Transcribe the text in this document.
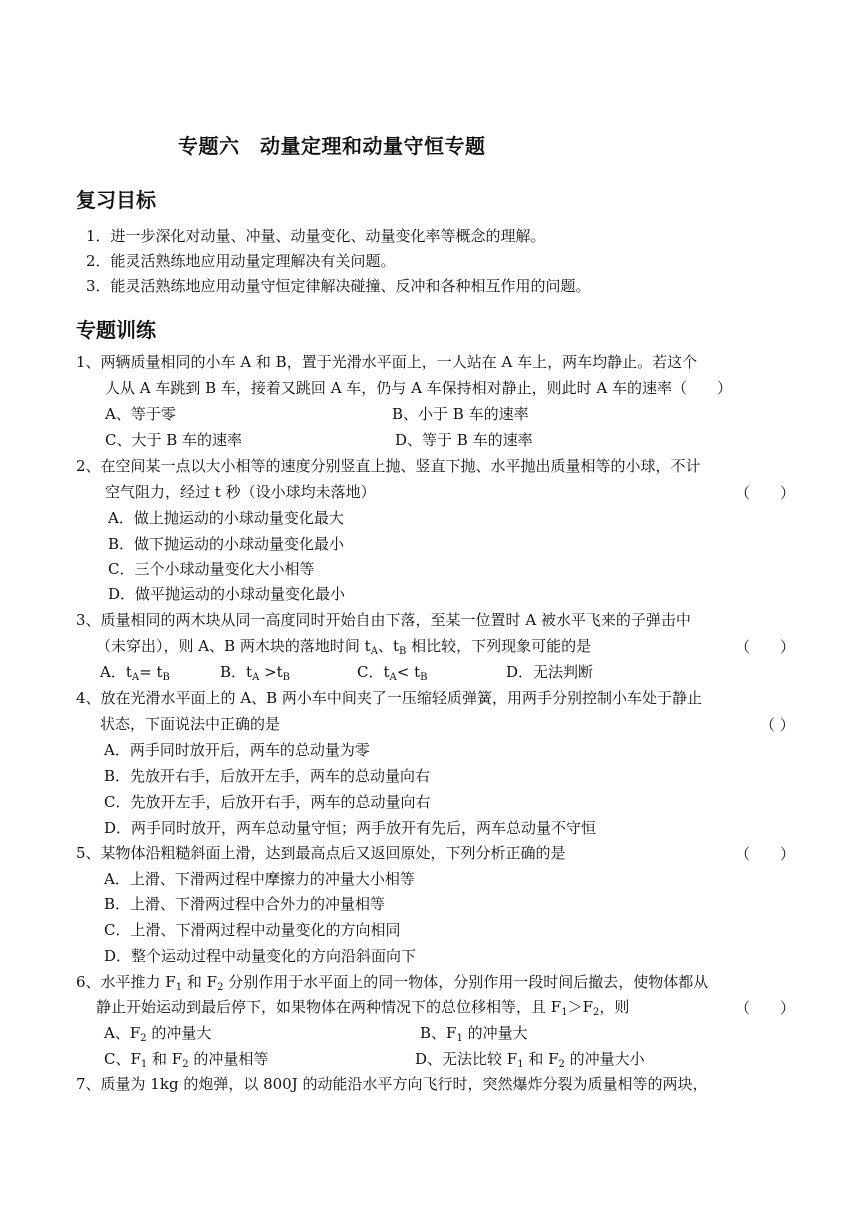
专题六　动量定理和动量守恒专题
复习目标
1．进一步深化对动量、冲量、动量变化、动量变化率等概念的理解。
2．能灵活熟练地应用动量定理解决有关问题。
3．能灵活熟练地应用动量守恒定律解决碰撞、反冲和各种相互作用的问题。
专题训练
1、两辆质量相同的小车 A 和 B，置于光滑水平面上，一人站在 A 车上，两车均静止。若这个
人从 A 车跳到 B 车，接着又跳回 A 车，仍与 A 车保持相对静止，则此时 A 车的速率（　　）
A、等于零	B、小于 B 车的速率
C、大于 B 车的速率	D、等于 B 车的速率
2、在空间某一点以大小相等的速度分别竖直上抛、竖直下抛、水平抛出质量相等的小球，不计
空气阻力，经过 t 秒（设小球均未落地）	（　　）
A．做上抛运动的小球动量变化最大
B．做下抛运动的小球动量变化最小
C．三个小球动量变化大小相等
D．做平抛运动的小球动量变化最小
3、质量相同的两木块从同一高度同时开始自由下落，至某一位置时 A 被水平飞来的子弹击中
（未穿出），则 A、B 两木块的落地时间 $t_A$、$t_B$ 相比较，下列现象可能的是	（　　）
A．$t_A= t_B$	B．$t_A >t_B$	C．$t_A< t_B$	D．无法判断
4、放在光滑水平面上的 A、B 两小车中间夹了一压缩轻质弹簧，用两手分别控制小车处于静止
状态，下面说法中正确的是	（ ）
A．两手同时放开后，两车的总动量为零
B．先放开右手，后放开左手，两车的总动量向右
C．先放开左手，后放开右手，两车的总动量向右
D．两手同时放开，两车总动量守恒；两手放开有先后，两车总动量不守恒
5、某物体沿粗糙斜面上滑，达到最高点后又返回原处，下列分析正确的是	（　　）
A．上滑、下滑两过程中摩擦力的冲量大小相等
B．上滑、下滑两过程中合外力的冲量相等
C．上滑、下滑两过程中动量变化的方向相同
D．整个运动过程中动量变化的方向沿斜面向下
6、水平推力 $F_1$ 和 $F_2$ 分别作用于水平面上的同一物体，分别作用一段时间后撤去，使物体都从
静止开始运动到最后停下，如果物体在两种情况下的总位移相等，且 $F_1>F_2$，则	（　　）
A、$F_2$ 的冲量大	B、$F_1$ 的冲量大
C、$F_1$ 和 $F_2$ 的冲量相等	D、无法比较 $F_1$ 和 $F_2$ 的冲量大小
7、质量为 1kg 的炮弹，以 800J 的动能沿水平方向飞行时，突然爆炸分裂为质量相等的两块，
